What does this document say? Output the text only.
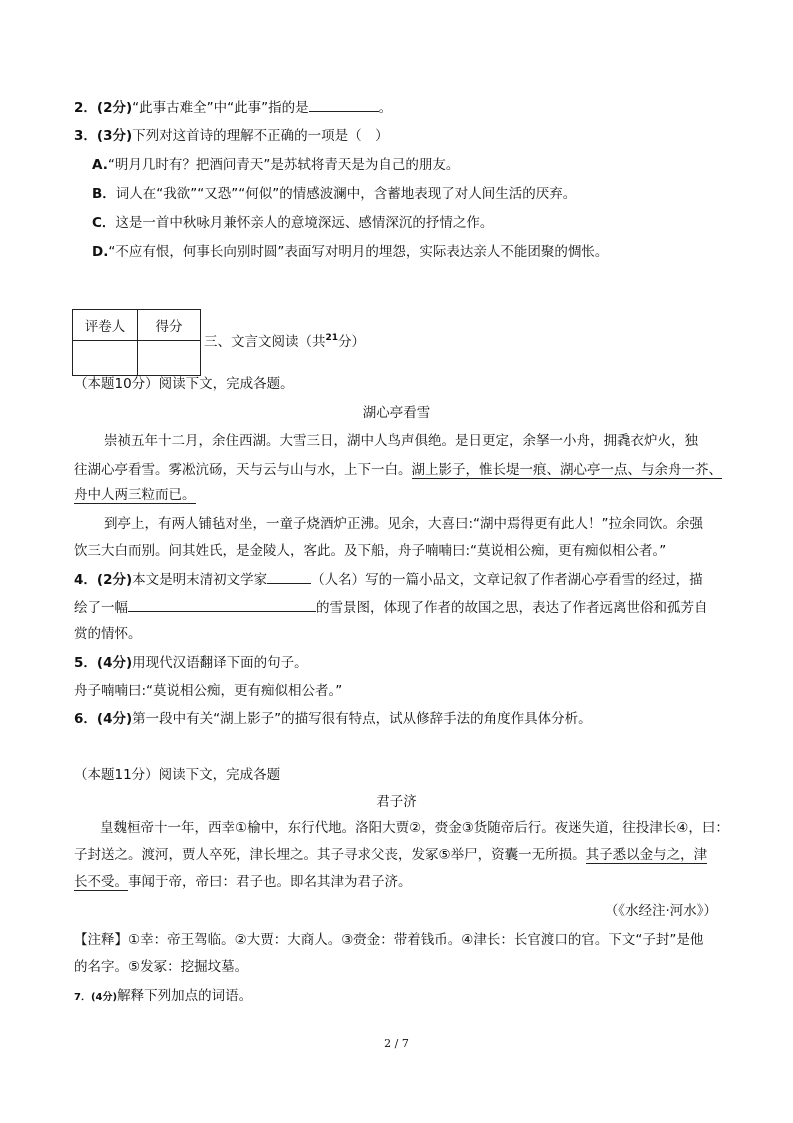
2．(2分)“此事古难全”中“此事”指的是	。
3．(3分)下列对这首诗的理解不正确的一项是（　）
A.“明月几时有？把酒问青天”是苏轼将青天是为自己的朋友。
B．词人在“我欲”“又恐”“何似”的情感波澜中，含蓄地表现了对人间生活的厌弃。
C．这是一首中秋咏月兼怀亲人的意境深远、感情深沉的抒情之作。
D.“不应有恨，何事长向别时圆”表面写对明月的埋怨，实际表达亲人不能团聚的惆怅。
评卷人	得分

三、文言文阅读（共$^{21}$分）
（本题10分）阅读下文，完成各题。
湖心亭看雪
崇祯五年十二月，余住西湖。大雪三日，湖中人鸟声俱绝。是日更定，余拏一小舟，拥毳衣炉火，独
往湖心亭看雪。雾凇沆砀，天与云与山与水，上下一白。湖上影子，惟长堤一痕、湖心亭一点、与余舟一芥、
舟中人两三粒而已。
到亭上，有两人铺毡对坐，一童子烧酒炉正沸。见余，大喜曰:“湖中焉得更有此人！”拉余同饮。余强
饮三大白而别。问其姓氏，是金陵人，客此。及下船，舟子喃喃曰:“莫说相公痴，更有痴似相公者。”
4．(2分)本文是明末清初文学家	（人名）写的一篇小品文，文章记叙了作者湖心亭看雪的经过，描
绘了一幅	的雪景图，体现了作者的故国之思，表达了作者远离世俗和孤芳自
赏的情怀。
5．(4分)用现代汉语翻译下面的句子。
舟子喃喃曰:“莫说相公痴，更有痴似相公者。”
6．(4分)第一段中有关“湖上影子”的描写很有特点，试从修辞手法的角度作具体分析。
（本题11分）阅读下文，完成各题
君子济
皇魏桓帝十一年，西幸①榆中，东行代地。洛阳大贾②，赍金③货随帝后行。夜迷失道，往投津长④，曰：
子封送之。渡河，贾人卒死，津长埋之。其子寻求父丧，发冢⑤举尸，资囊一无所损。其子悉以金与之，津
长不受。事闻于帝，帝曰：君子也。即名其津为君子济。
（《水经注·河水》）
【注释】①幸：帝王驾临。②大贾：大商人。③赍金：带着钱币。④津长：长官渡口的官。下文“子封”是他
的名字。⑤发冢：挖掘坟墓。
7．(4分)解释下列加点的词语。
2 / 7
